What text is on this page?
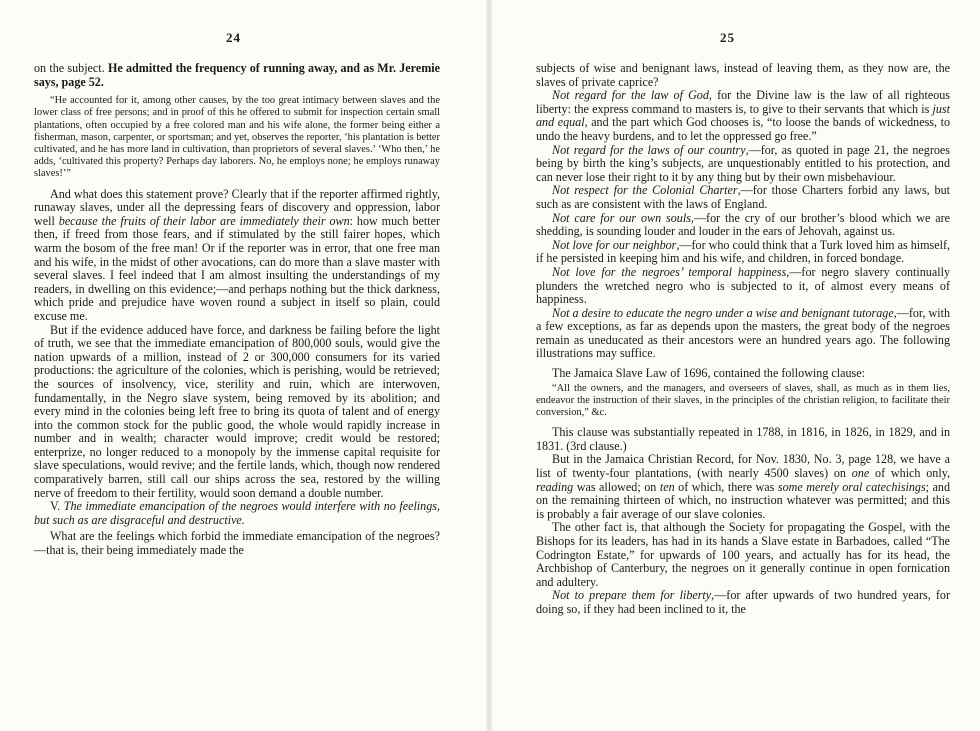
24

on the subject. He admitted the frequency of running away, and as Mr. Jeremie says, page 52.

“He accounted for it, among other causes, by the too great intimacy between slaves and the lower class of free persons; and in proof of this he offered to submit for inspection certain small plantations, often occupied by a free colored man and his wife alone, the former being either a fisherman, mason, carpenter, or sportsman; and yet, observes the reporter, ‘his plantation is better cultivated, and he has more land in cultivation, than proprietors of several slaves.’ ‘Who then,’ he adds, ‘cultivated this property? Perhaps day laborers. No, he employs none; he employs runaway slaves!’”

And what does this statement prove? Clearly that if the reporter affirmed rightly, runaway slaves, under all the depressing fears of discovery and oppression, labor well because the fruits of their labor are immediately their own: how much better then, if freed from those fears, and if stimulated by the still fairer hopes, which warm the bosom of the free man! Or if the reporter was in error, that one free man and his wife, in the midst of other avocations, can do more than a slave master with several slaves. I feel indeed that I am almost insulting the understandings of my readers, in dwelling on this evidence;—and perhaps nothing but the thick darkness, which pride and prejudice have woven round a subject in itself so plain, could excuse me.

But if the evidence adduced have force, and darkness be failing before the light of truth, we see that the immediate emancipation of 800,000 souls, would give the nation upwards of a million, instead of 2 or 300,000 consumers for its varied productions: the agriculture of the colonies, which is perishing, would be retrieved; the sources of insolvency, vice, sterility and ruin, which are interwoven, fundamentally, in the Negro slave system, being removed by its abolition; and every mind in the colonies being left free to bring its quota of talent and of energy into the common stock for the public good, the whole would rapidly increase in number and in wealth; character would improve; credit would be restored; enterprize, no longer reduced to a monopoly by the immense capital requisite for slave speculations, would revive; and the fertile lands, which, though now rendered comparatively barren, still call our ships across the sea, restored by the willing nerve of freedom to their fertility, would soon demand a double number.

V. The immediate emancipation of the negroes would interfere with no feelings, but such as are disgraceful and destructive.

What are the feelings which forbid the immediate emancipation of the negroes?—that is, their being immediately made the

25

subjects of wise and benignant laws, instead of leaving them, as they now are, the slaves of private caprice?

Not regard for the law of God, for the Divine law is the law of all righteous liberty: the express command to masters is, to give to their servants that which is just and equal, and the part which God chooses is, “to loose the bands of wickedness, to undo the heavy burdens, and to let the oppressed go free.”

Not regard for the laws of our country,—for, as quoted in page 21, the negroes being by birth the king’s subjects, are unquestionably entitled to his protection, and can never lose their right to it by any thing but by their own misbehaviour.

Not respect for the Colonial Charter,—for those Charters forbid any laws, but such as are consistent with the laws of England.

Not care for our own souls,—for the cry of our brother’s blood which we are shedding, is sounding louder and louder in the ears of Jehovah, against us.

Not love for our neighbor,—for who could think that a Turk loved him as himself, if he persisted in keeping him and his wife, and children, in forced bondage.

Not love for the negroes’ temporal happiness,—for negro slavery continually plunders the wretched negro who is subjected to it, of almost every means of happiness.

Not a desire to educate the negro under a wise and benignant tutorage,—for, with a few exceptions, as far as depends upon the masters, the great body of the negroes remain as uneducated as their ancestors were an hundred years ago. The following illustrations may suffice.

The Jamaica Slave Law of 1696, contained the following clause:

“All the owners, and the managers, and overseers of slaves, shall, as much as in them lies, endeavor the instruction of their slaves, in the principles of the christian religion, to facilitate their conversion,” &c.

This clause was substantially repeated in 1788, in 1816, in 1826, in 1829, and in 1831. (3rd clause.)

But in the Jamaica Christian Record, for Nov. 1830, No. 3, page 128, we have a list of twenty-four plantations, (with nearly 4500 slaves) on one of which only, reading was allowed; on ten of which, there was some merely oral catechisings; and on the remaining thirteen of which, no instruction whatever was permitted; and this is probably a fair average of our slave colonies.

The other fact is, that although the Society for propagating the Gospel, with the Bishops for its leaders, has had in its hands a Slave estate in Barbadoes, called “The Codrington Estate,” for upwards of 100 years, and actually has for its head, the Archbishop of Canterbury, the negroes on it generally continue in open fornication and adultery.

Not to prepare them for liberty,—for after upwards of two hundred years, for doing so, if they had been inclined to it, the
